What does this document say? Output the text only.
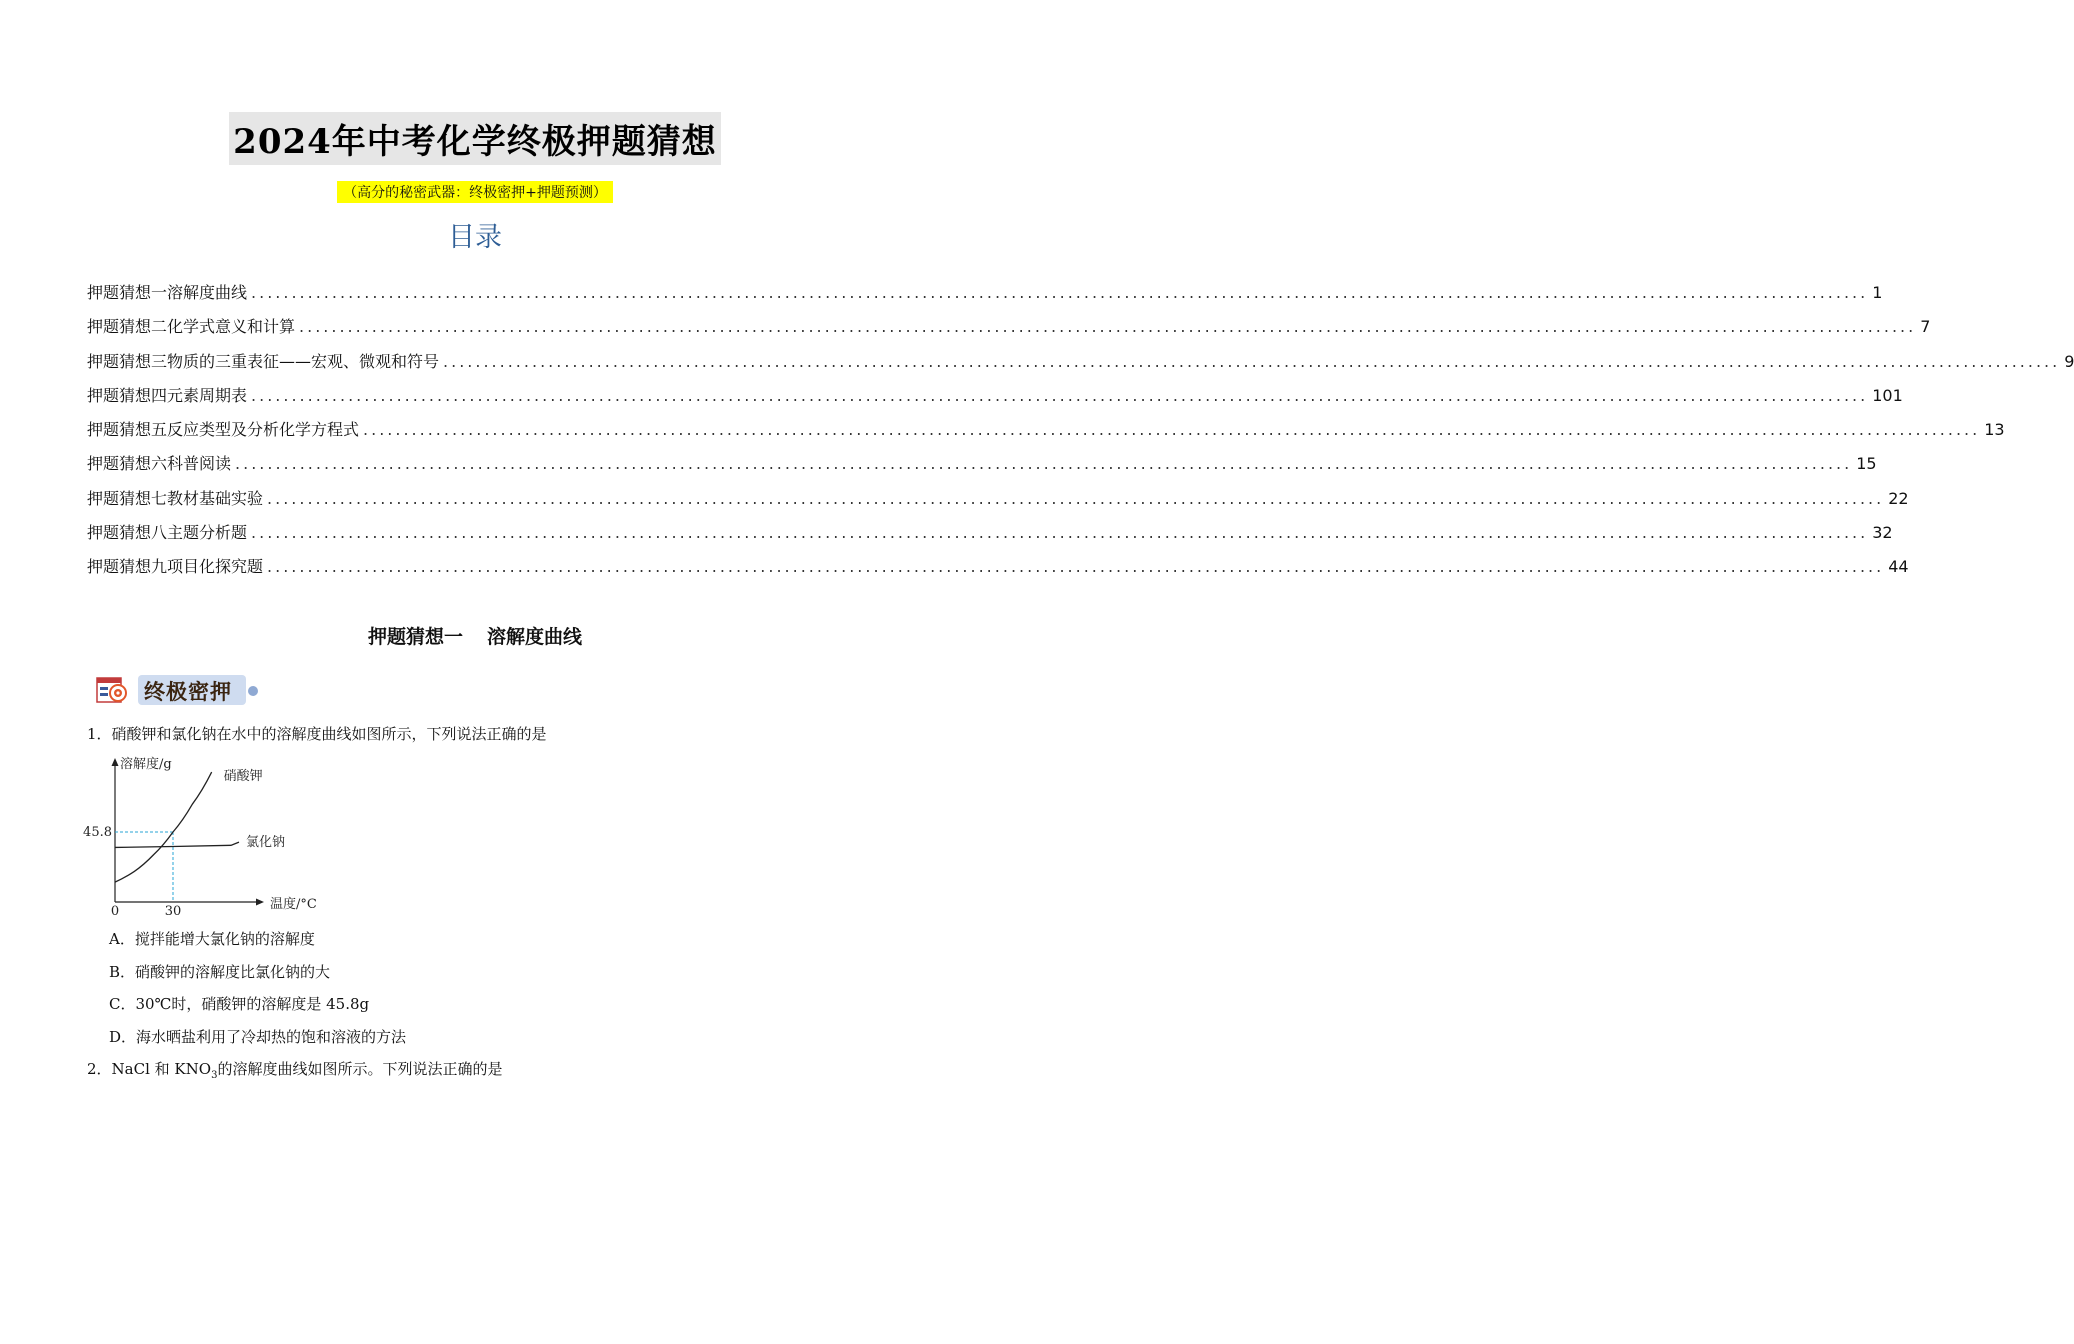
2024年中考化学终极押题猜想
（高分的秘密武器：终极密押+押题预测）
目录
押题猜想一 溶解度曲线 ........................................................................................................................................................................................................ 1
押题猜想二 化学式意义和计算 ........................................................................................................................................................................................................ 7
押题猜想三 物质的三重表征——宏观、微观和符号 ........................................................................................................................................................................................................ 9
押题猜想四 元素周期表 ........................................................................................................................................................................................................ 101
押题猜想五 反应类型及分析化学方程式 ........................................................................................................................................................................................................ 13
押题猜想六 科普阅读 ........................................................................................................................................................................................................ 15
押题猜想七 教材基础实验 ........................................................................................................................................................................................................ 22
押题猜想八 主题分析题 ........................................................................................................................................................................................................ 32
押题猜想九 项目化探究题 ........................................................................................................................................................................................................ 44
押题猜想一 溶解度曲线
终极密押
1．硝酸钾和氯化钠在水中的溶解度曲线如图所示，下列说法正确的是
溶解度/g
温度/°C
0	30
45.8
硝酸钾
氯化钠
A．搅拌能增大氯化钠的溶解度
B．硝酸钾的溶解度比氯化钠的大
C．30℃时，硝酸钾的溶解度是 45.8g
D．海水晒盐利用了冷却热的饱和溶液的方法
2．NaCl 和 $KNO_3$的溶解度曲线如图所示。下列说法正确的是
